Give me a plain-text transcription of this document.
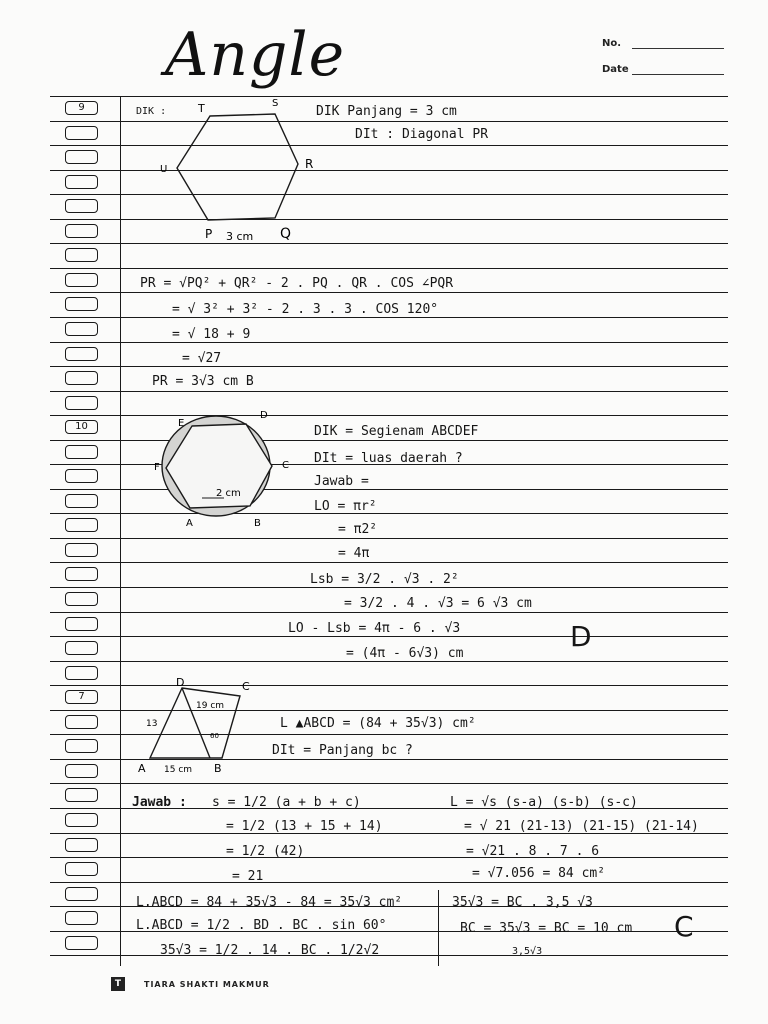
Angle	No.
Date
9
10
7
DIK :	T	S
U	R
P	Q
3 cm
DIK Panjang = 3 cm
DIt : Diagonal PR
PR = √PQ² + QR² - 2 . PQ . QR . COS ∠PQR
= √ 3² + 3² - 2 . 3 . 3 . COS 120°
= √ 18 + 9
= √27
PR = 3√3 cm B
E
D
F	C
A	B
2 cm
DIK = Segienam ABCDEF
DIt = luas daerah ?
Jawab =
LO = πr²
= π2²
= 4π
Lsb = 3/2 . √3 . 2²
= 3/2 . 4 . √3 = 6 √3 cm
LO - Lsb = 4π - 6 . √3
= (4π - 6√3) cm
D
D	C
A	B
13
19 cm
15 cm
60
L ▲ABCD = (84 + 35√3) cm²
DIt = Panjang bc ?
Jawab : s = 1/2 (a + b + c)
= 1/2 (13 + 15 + 14)
= 1/2 (42)
= 21
L = √s (s-a) (s-b) (s-c)
= √ 21 (21-13) (21-15) (21-14)
= √21 . 8 . 7 . 6
= √7.056 = 84 cm²
L.ABCD = 84 + 35√3 - 84 = 35√3 cm²
L.ABCD = 1/2 . BD . BC . sin 60°
35√3 = 1/2 . 14 . BC . 1/2√2
35√3 = BC . 3,5 √3
BC = 35√3 = BC = 10 cm
3,5√3
C
T	TIARA SHAKTI MAKMUR
